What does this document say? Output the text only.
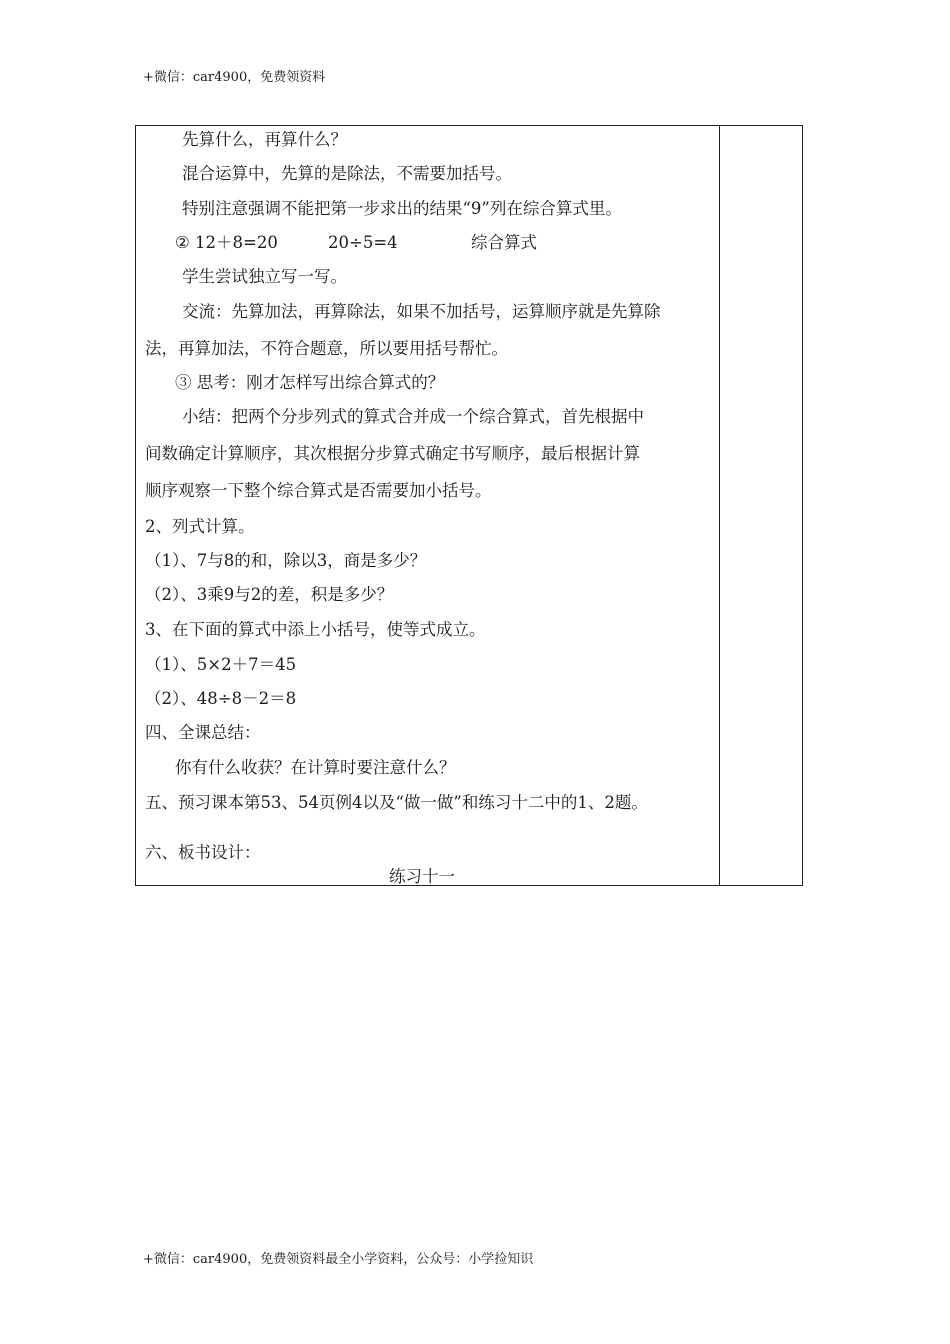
+微信：car4900，免费领资料
先算什么，再算什么？
混合运算中，先算的是除法，不需要加括号。
特别注意强调不能把第一步求出的结果“9”列在综合算式里。
② 12＋8=20	20÷5=4	综合算式
学生尝试独立写一写。
交流：先算加法，再算除法，如果不加括号，运算顺序就是先算除
法，再算加法，不符合题意，所以要用括号帮忙。
③ 思考：刚才怎样写出综合算式的？
小结：把两个分步列式的算式合并成一个综合算式，首先根据中
间数确定计算顺序，其次根据分步算式确定书写顺序，最后根据计算
顺序观察一下整个综合算式是否需要加小括号。
2、列式计算。
（1）、7与8的和，除以3，商是多少？
（2）、3乘9与2的差，积是多少？
3、在下面的算式中添上小括号，使等式成立。
（1）、5×2＋7＝45
（2）、48÷8－2＝8
四、全课总结：
你有什么收获？在计算时要注意什么？
五、预习课本第53、54页例4以及“做一做”和练习十二中的1、2题。
六、板书设计：
练习十一
+微信：car4900，免费领资料最全小学资料，公众号：小学捡知识
